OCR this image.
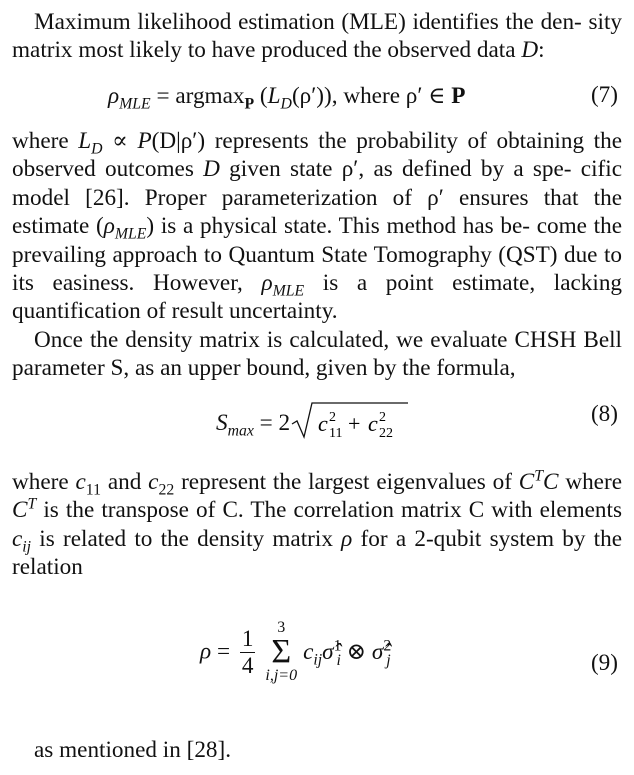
Maximum likelihood estimation (MLE) identifies the den- sity matrix most likely to have produced the observed data D:

$\rho_{MLE} = argmax_P$ $(L_D(\rho'))$, where ρ′ ∈ P	(7)

where $L_D \propto P(D|\rho')$ represents the probability of obtaining the observed outcomes D given state ρ′, as defined by a spe- cific model [26]. Proper parameterization of ρ′ ensures that the estimate $(\rho_{MLE})$ is a physical state. This method has be- come the prevailing approach to Quantum State Tomography (QST) due to its easiness. However, $\rho_{MLE}$ is a point estimate, lacking quantification of result uncertainty.

Once the density matrix is calculated, we evaluate CHSH Bell parameter S, as an upper bound, given by the formula,

$S_{max} = 2$ c 2
11 + c 2
22
(8)

where $c_{11}$ and $c_{22}$ represent the largest eigenvalues of $C^TC$ where $C^T$ is the transpose of C. The correlation matrix C with elements $c_{ij}$ is related to the density matrix ρ for a 2-qubit system by the relation

$\rho = \frac{1}{4}$	3
Σ
i,j=0
$c_{ij}\sigmâ^1_i$ ⊗ σ̂$^2_j$	(9)

as mentioned in [28].
